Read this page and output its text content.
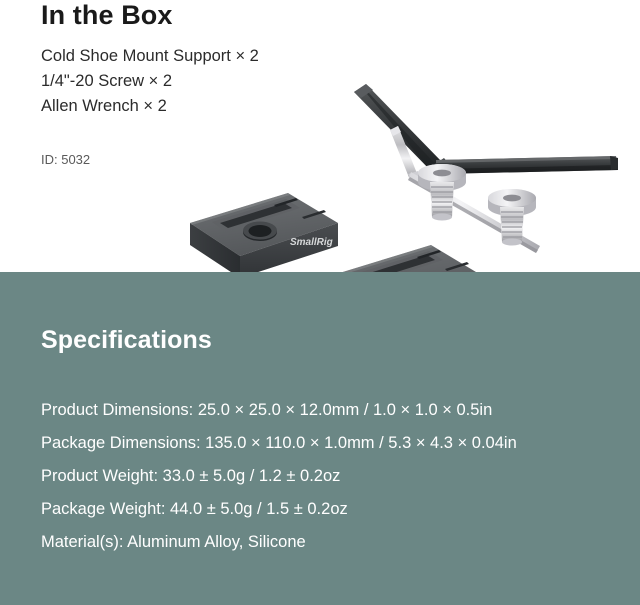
In the Box
Cold Shoe Mount Support × 2
1/4"-20 Screw × 2
Allen Wrench × 2
ID: 5032
SmallRig
Specifications
Product Dimensions: 25.0 × 25.0 × 12.0mm / 1.0 × 1.0 × 0.5in
Package Dimensions: 135.0 × 110.0 × 1.0mm / 5.3 × 4.3 × 0.04in
Product Weight: 33.0 ± 5.0g / 1.2 ± 0.2oz
Package Weight: 44.0 ± 5.0g / 1.5 ± 0.2oz
Material(s): Aluminum Alloy, Silicone
